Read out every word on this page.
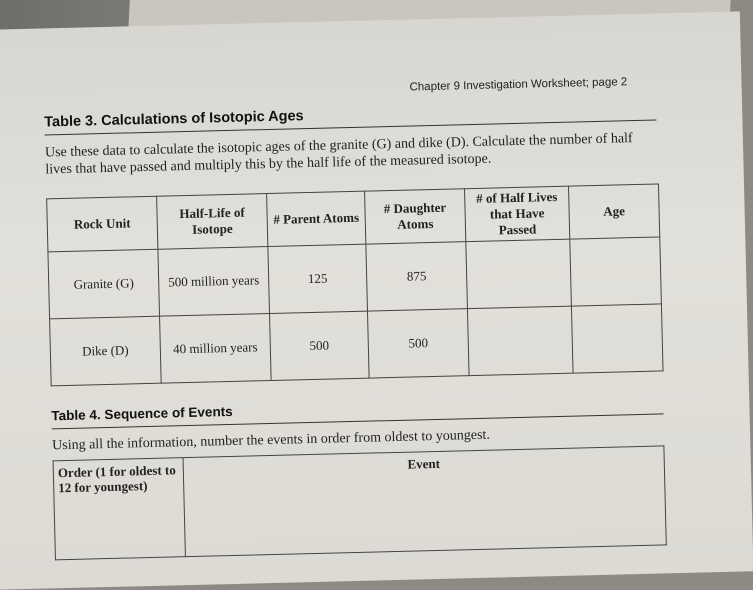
Chapter 9 Investigation Worksheet; page 2
Table 3. Calculations of Isotopic Ages
Use these data to calculate the isotopic ages of the granite (G) and dike (D). Calculate the number of half lives that have passed and multiply this by the half life of the measured isotope.
Rock Unit	Half-Life of Isotope	# Parent Atoms	# Daughter Atoms	# of Half Lives that Have Passed	Age
Granite (G)	500 million years	125	875		
Dike (D)	40 million years	500	500		
Table 4. Sequence of Events
Using all the information, number the events in order from oldest to youngest.
Order (1 for oldest to 12 for youngest)	Event
